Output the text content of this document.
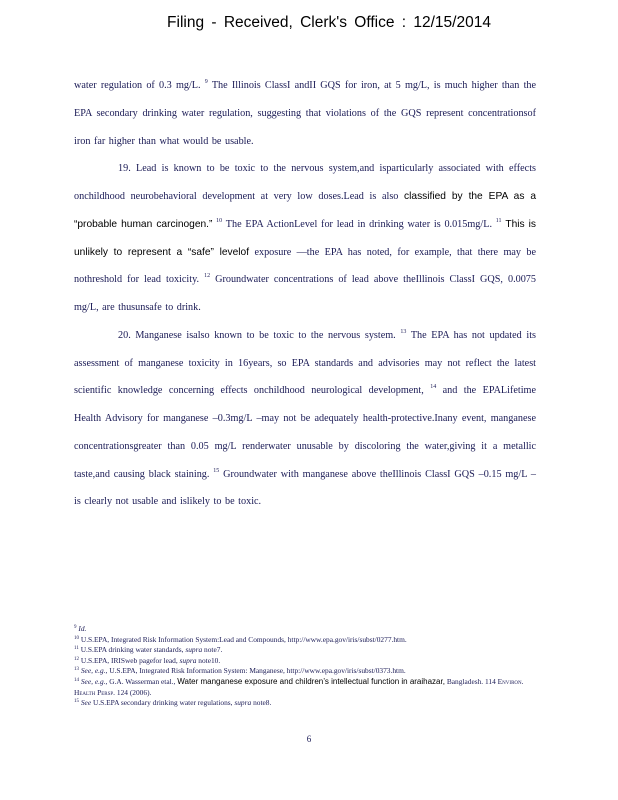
Filing - Received, Clerk's Office : 12/15/2014

water regulation of 0.3 mg/L. $^9$ The Illinois ClassI andII GQS for iron, at 5 mg/L, is much higher than the EPA secondary drinking water regulation, suggesting that violations of the GQS represent concentrationsof iron far higher than what would be usable.

19. Lead is known to be toxic to the nervous system,and isparticularly associated with effects onchildhood neurobehavioral development at very low doses.Lead is also classified by the EPA as a “probable human carcinogen.” $^{10}$ The EPA ActionLevel for lead in drinking water is 0.015mg/L. $^{11}$ This is unlikely to represent a “safe” levelof exposure —the EPA has noted, for example, that there may be nothreshold for lead toxicity. $^{12}$ Groundwater concentrations of lead above theIllinois ClassI GQS, 0.0075 mg/L, are thusunsafe to drink.

20. Manganese isalso known to be toxic to the nervous system. $^{13}$ The EPA has not updated its assessment of manganese toxicity in 16years, so EPA standards and advisories may not reflect the latest scientific knowledge concerning effects onchildhood neurological development, $^{14}$ and the EPALifetime Health Advisory for manganese –0.3mg/L –may not be adequately health-protective.Inany event, manganese concentrationsgreater than 0.05 mg/L renderwater unusable by discoloring the water,giving it a metallic taste,and causing black staining. $^{15}$ Groundwater with manganese above theIllinois ClassI GQS –0.15 mg/L –is clearly not usable and islikely to be toxic.

$^9$ Id.

$^{10}$ U.S.EPA, Integrated Risk Information System:Lead and Compounds, http://www.epa.gov/iris/subst/0277.htm.

$^{11}$ U.S.EPA drinking water standards, supra note7.

$^{12}$ U.S.EPA, IRISweb pagefor lead, supra note10.

$^{13}$ See, e.g., U.S.EPA, Integrated Risk Information System: Manganese, http://www.epa.gov/iris/subst/0373.htm.

$^{14}$ See, e.g., G.A. Wasserman etal., Water manganese exposure and children’s intellectual function in araihazar, Bangladesh. 114 Environ. Health Persp. 124 (2006).

$^{15}$ See U.S.EPA secondary drinking water regulations, supra note8.

6
